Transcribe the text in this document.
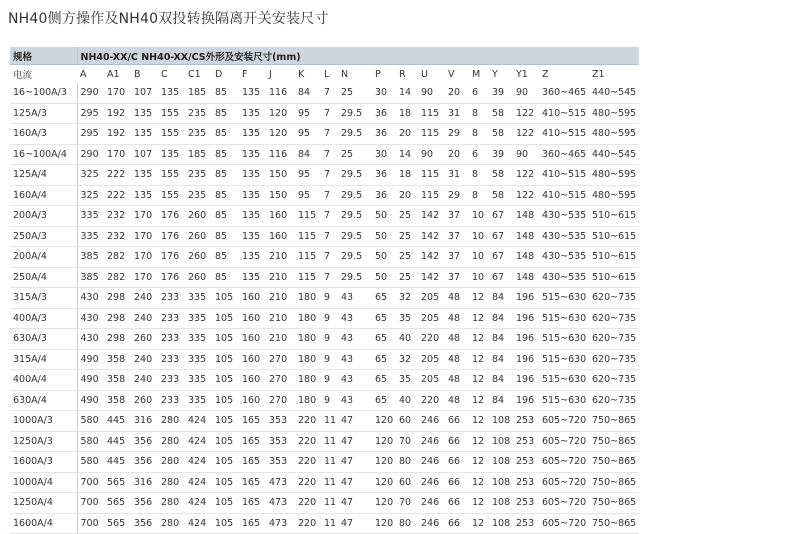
NH40侧方操作及NH40双投转换隔离开关安装尺寸
规格	NH40-XX/C NH40-XX/CS外形及安装尺寸(mm)																			
电流	A	A1	B	C	C1	D	F	J	K	L	N	P	R	U	V	M	Y	Y1	Z	Z1
16~100A/3	290	170	107	135	185	85	135	116	84	7	25	30	14	90	20	6	39	90	360~465	440~545
125A/3	295	192	135	155	235	85	135	120	95	7	29.5	36	18	115	31	8	58	122	410~515	480~595
160A/3	295	192	135	155	235	85	135	120	95	7	29.5	36	20	115	29	8	58	122	410~515	480~595
16~100A/4	290	170	107	135	185	85	135	116	84	7	25	30	14	90	20	6	39	90	360~465	440~545
125A/4	325	222	135	155	235	85	135	150	95	7	29.5	36	18	115	31	8	58	122	410~515	480~595
160A/4	325	222	135	155	235	85	135	150	95	7	29.5	36	20	115	29	8	58	122	410~515	480~595
200A/3	335	232	170	176	260	85	135	160	115	7	29.5	50	25	142	37	10	67	148	430~535	510~615
250A/3	335	232	170	176	260	85	135	160	115	7	29.5	50	25	142	37	10	67	148	430~535	510~615
200A/4	385	282	170	176	260	85	135	210	115	7	29.5	50	25	142	37	10	67	148	430~535	510~615
250A/4	385	282	170	176	260	85	135	210	115	7	29.5	50	25	142	37	10	67	148	430~535	510~615
315A/3	430	298	240	233	335	105	160	210	180	9	43	65	32	205	48	12	84	196	515~630	620~735
400A/3	430	298	240	233	335	105	160	210	180	9	43	65	35	205	48	12	84	196	515~630	620~735
630A/3	430	298	260	233	335	105	160	210	180	9	43	65	40	220	48	12	84	196	515~630	620~735
315A/4	490	358	240	233	335	105	160	270	180	9	43	65	32	205	48	12	84	196	515~630	620~735
400A/4	490	358	240	233	335	105	160	270	180	9	43	65	35	205	48	12	84	196	515~630	620~735
630A/4	490	358	260	233	335	105	160	270	180	9	43	65	40	220	48	12	84	196	515~630	620~735
1000A/3	580	445	316	280	424	105	165	353	220	11	47	120	60	246	66	12	108	253	605~720	750~865
1250A/3	580	445	356	280	424	105	165	353	220	11	47	120	70	246	66	12	108	253	605~720	750~865
1600A/3	580	445	356	280	424	105	165	353	220	11	47	120	80	246	66	12	108	253	605~720	750~865
1000A/4	700	565	316	280	424	105	165	473	220	11	47	120	60	246	66	12	108	253	605~720	750~865
1250A/4	700	565	356	280	424	105	165	473	220	11	47	120	70	246	66	12	108	253	605~720	750~865
1600A/4	700	565	356	280	424	105	165	473	220	11	47	120	80	246	66	12	108	253	605~720	750~865
